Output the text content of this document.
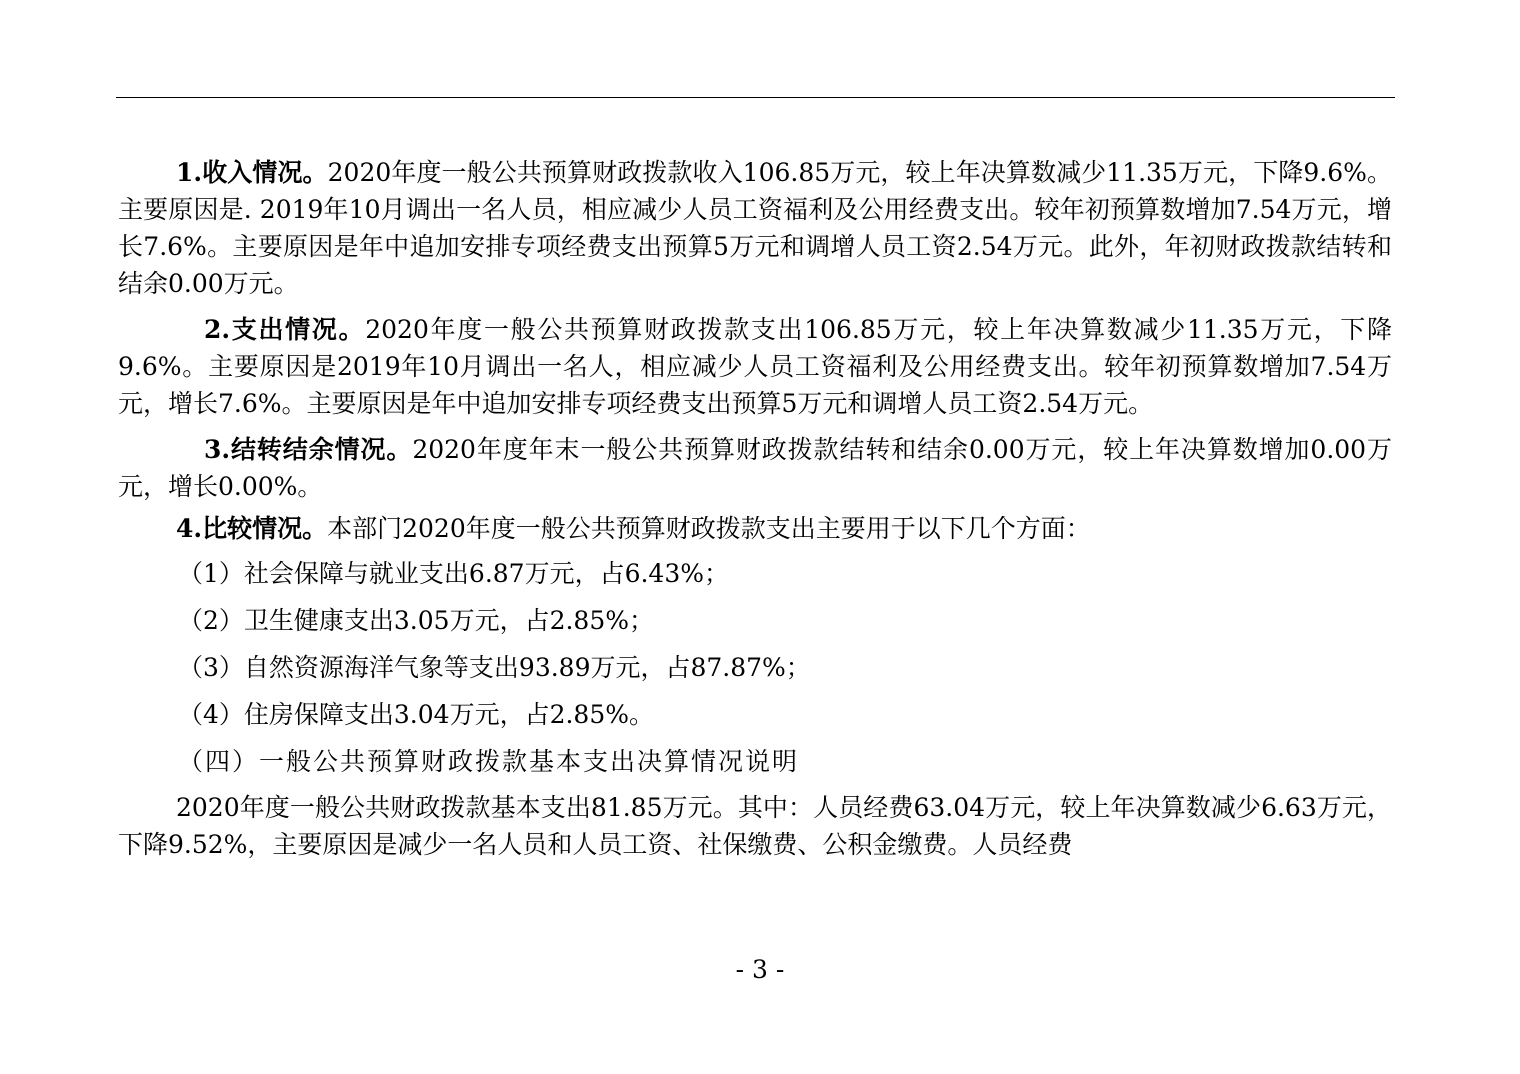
1.收入情况。2020年度一般公共预算财政拨款收入106.85万元，较上年决算数减少11.35万元，下降9.6%。主要原因是. 2019年10月调出一名人员，相应减少人员工资福利及公用经费支出。较年初预算数增加7.54万元，增长7.6%。主要原因是年中追加安排专项经费支出预算5万元和调增人员工资2.54万元。此外，年初财政拨款结转和结余0.00万元。
2.支出情况。2020年度一般公共预算财政拨款支出106.85万元，较上年决算数减少11.35万元，下降9.6%。主要原因是2019年10月调出一名人，相应减少人员工资福利及公用经费支出。较年初预算数增加7.54万元，增长7.6%。主要原因是年中追加安排专项经费支出预算5万元和调增人员工资2.54万元。
3.结转结余情况。2020年度年末一般公共预算财政拨款结转和结余0.00万元，较上年决算数增加0.00万元，增长0.00%。
4.比较情况。本部门2020年度一般公共预算财政拨款支出主要用于以下几个方面：
（1）社会保障与就业支出6.87万元，占6.43%；
（2）卫生健康支出3.05万元，占2.85%；
（3）自然资源海洋气象等支出93.89万元，占87.87%；
（4）住房保障支出3.04万元，占2.85%。
（四）一般公共预算财政拨款基本支出决算情况说明
2020年度一般公共财政拨款基本支出81.85万元。其中：人员经费63.04万元，较上年决算数减少6.63万元，下降9.52%，主要原因是减少一名人员和人员工资、社保缴费、公积金缴费。人员经费
- 3 -
